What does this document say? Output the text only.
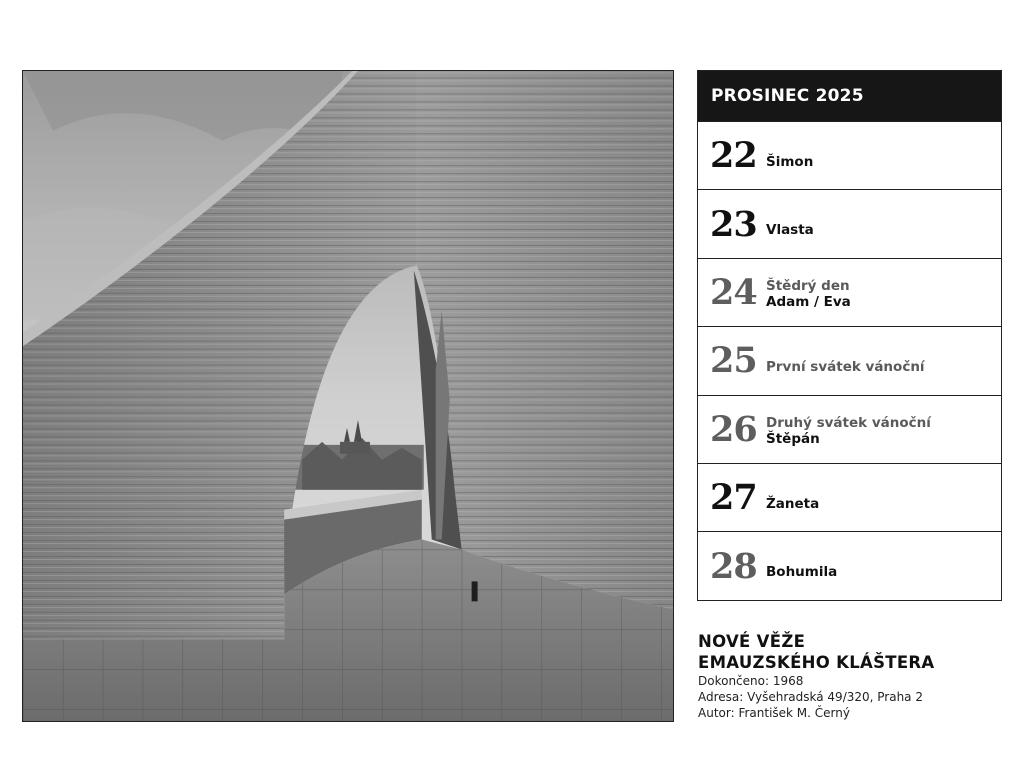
PROSINEC 2025
22 Šimon
23 Vlasta
24 Štědrý den
Adam / Eva
25 První svátek vánoční
26 Druhý svátek vánoční
Štěpán
27 Žaneta
28 Bohumila
NOVÉ VĚŽE
EMAUZSKÉHO KLÁŠTERA
Dokončeno: 1968
Adresa: Vyšehradská 49/320, Praha 2
Autor: František M. Černý
